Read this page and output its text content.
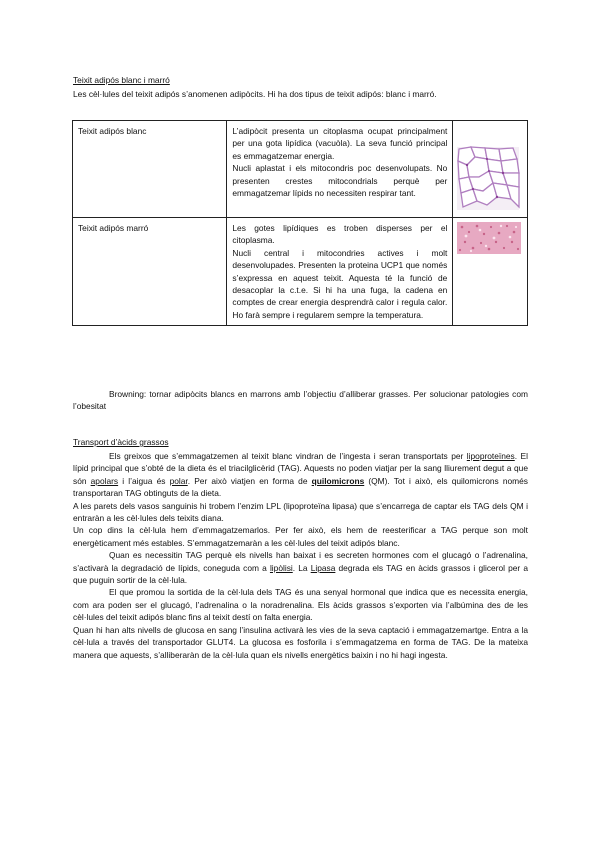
Teixit adipós blanc i marró
Les cèl·lules del teixit adipós s’anomenen adipòcits. Hi ha dos tipus de teixit adipós: blanc i marró.
Teixit adipós blanc	L’adipòcit presenta un citoplasma ocupat principalment per una gota lipídica (vacuòla). La seva funció principal es emmagatzemar energia.
Nucli aplastat i els mitocondris poc desenvolupats. No presenten crestes mitocondrials perquè per emmagatzemar lípids no necessiten respirar tant.

Teixit adipós marró	Les gotes lipídiques es troben disperses per el citoplasma.
Nucli central i mitocondries actives i molt desenvolupades. Presenten la proteina UCP1 que només s’expressa en aquest teixit. Aquesta té la funció de desacoplar la c.t.e. Si hi ha una fuga, la cadena en comptes de crear energia desprendrà calor i regula calor. Ho farà sempre i regularem sempre la temperatura.

Browning: tornar adipòcits blancs en marrons amb l’objectiu d’alliberar grasses. Per solucionar patologies com l’obesitat
Transport d’àcids grassos

Els greixos que s’emmagatzemen al teixit blanc vindran de l’ingesta i seran transportats per lipoproteïnes. El lípid principal que s’obté de la dieta és el triacilglicèrid (TAG). Aquests no poden viatjar per la sang lliurement degut a que són apolars i l’aigua és polar. Per això viatjen en forma de quilomicrons (QM). Tot i això, els quilomicrons només transportaran TAG obtinguts de la dieta.

A les parets dels vasos sanguinis hi trobem l’enzim LPL (lipoproteïna lipasa) que s’encarrega de captar els TAG dels QM i entraràn a les cèl·lules dels teixits diana.

Un cop dins la cèl·lula hem d’emmagatzemarlos. Per fer això, els hem de reesterificar a TAG perque son molt energèticament més estables. S’emmagatzemaràn a les cèl·lules del teixit adipós blanc.

Quan es necessitin TAG perquè els nivells han baixat i es secreten hormones com el glucagó o l’adrenalina, s’activarà la degradació de lípids, coneguda com a lipòlisi. La Lipasa degrada els TAG en àcids grassos i glicerol per a que puguin sortir de la cèl·lula.

El que promou la sortida de la cèl·lula dels TAG és una senyal hormonal que indica que es necessita energia, com ara poden ser el glucagó, l’adrenalina o la noradrenalina. Els àcids grassos s’exporten via l’albúmina des de les cèl·lules del teixit adipós blanc fins al teixit destí on falta energia.

Quan hi han alts nivells de glucosa en sang l’insulina activarà les vies de la seva captació i emmagatzemartge. Entra a la cèl·lula a través del transportador GLUT4. La glucosa es fosforila i s’emmagatzema en forma de TAG. De la mateixa manera que aquests, s’alliberaràn de la cèl·lula quan els nivells energètics baixin i no hi hagi ingesta.
